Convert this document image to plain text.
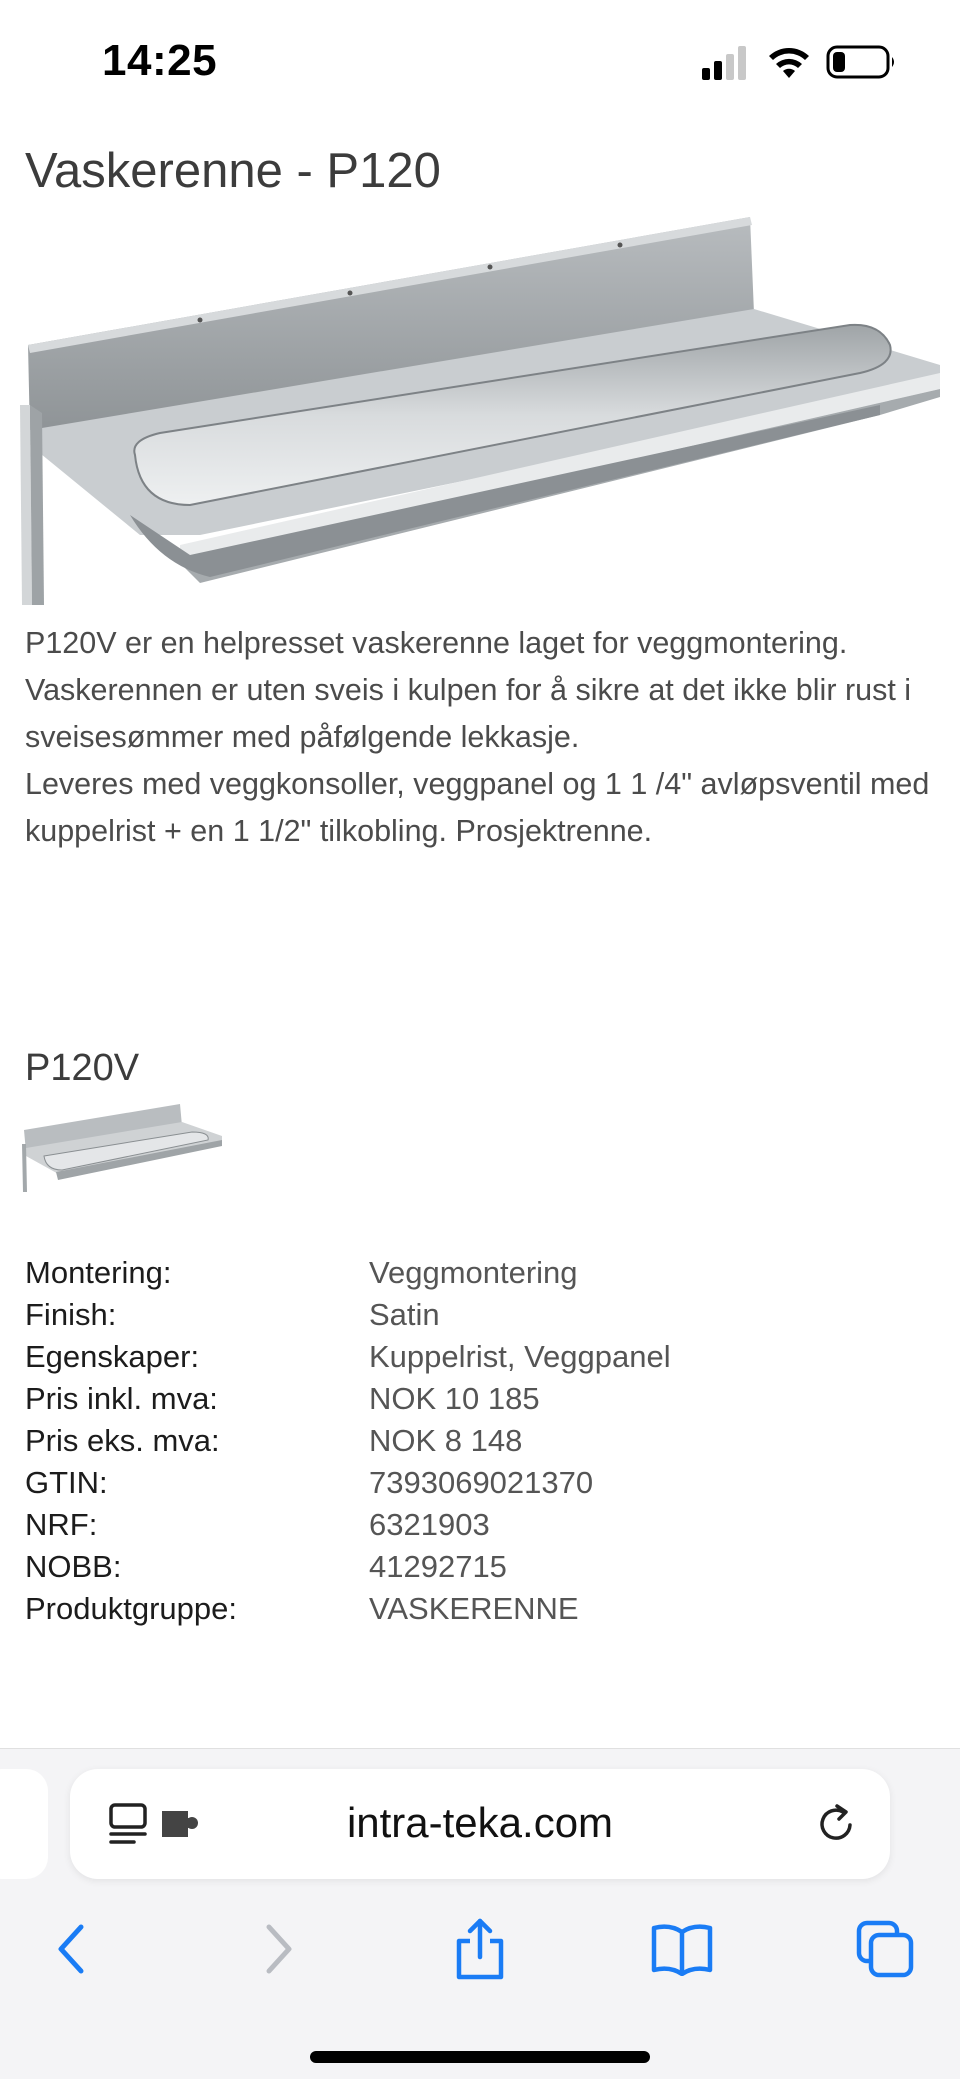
14:25
Vaskerenne - P120

P120V er en helpresset vaskerenne laget for veggmontering. Vaskerennen er uten sveis i kulpen for å sikre at det ikke blir rust i sveisesømmer med påfølgende lekkasje.

Leveres med veggkonsoller, veggpanel og 1 1 /4" avløpsventil med kuppelrist + en 1 1/2" tilkobling. Prosjektrenne.

P120V
Montering:	Veggmontering
Finish:	Satin
Egenskaper:	Kuppelrist, Veggpanel
Pris inkl. mva:	NOK 10 185
Pris eks. mva:	NOK 8 148
GTIN:	7393069021370
NRF:	6321903
NOBB:	41292715
Produktgruppe:	VASKERENNE
intra-teka.com
